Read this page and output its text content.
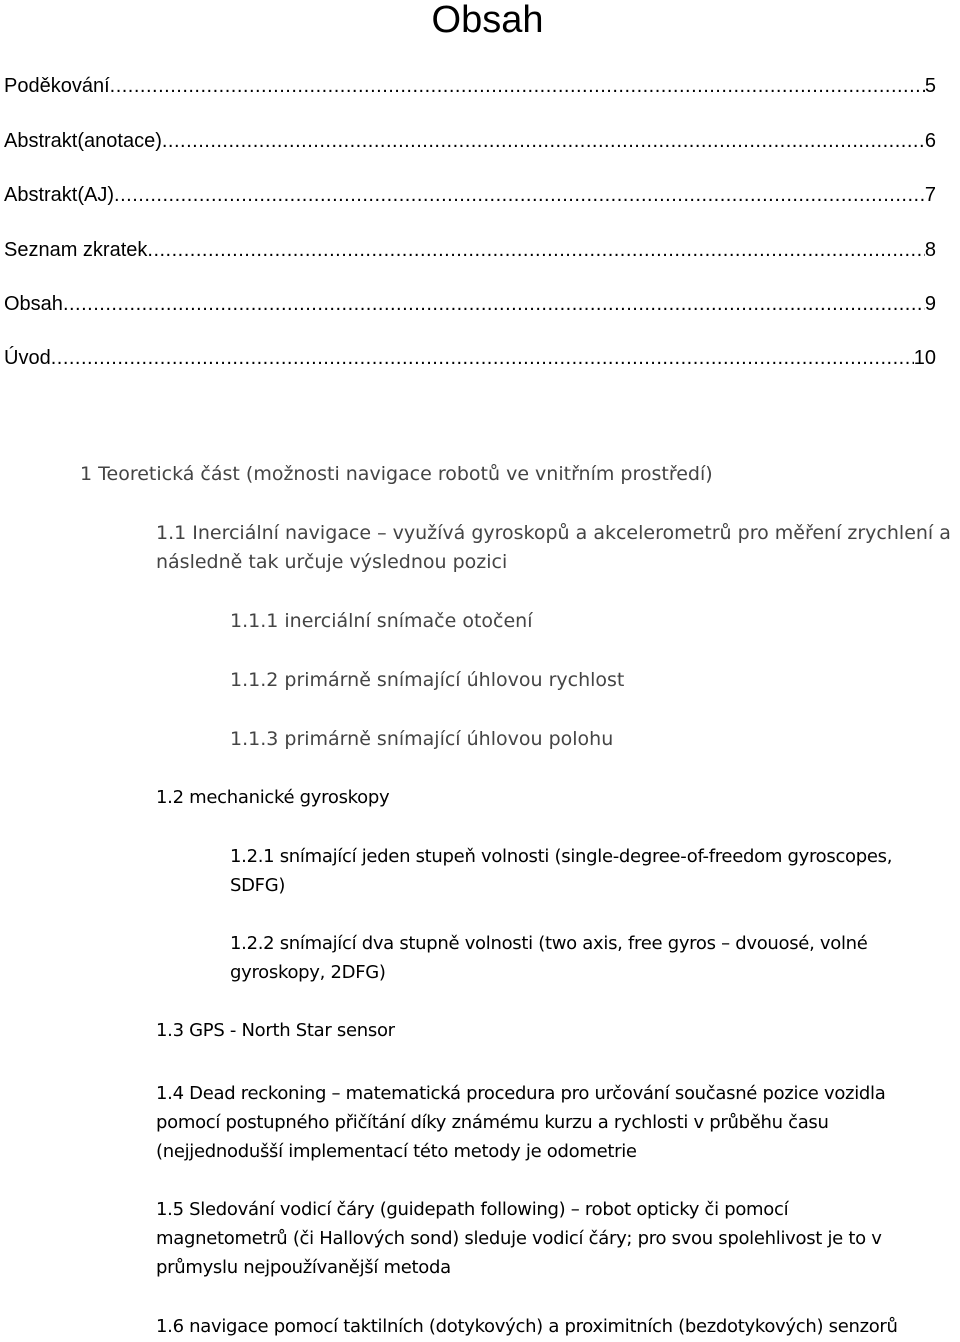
Obsah
Poděkování .....	5
Abstrakt(anotace) .....	6
Abstrakt(AJ) .....	7
Seznam zkratek .....	8
Obsah .....	9
Úvod .....	10
1 Teoretická část (možnosti navigace robotů ve vnitřním prostředí)
1.1 Inerciální navigace – využívá gyroskopů a akcelerometrů pro měření zrychlení a
následně tak určuje výslednou pozici
1.1.1 inerciální snímače otočení
1.1.2 primárně snímající úhlovou rychlost
1.1.3 primárně snímající úhlovou polohu
1.2 mechanické gyroskopy
1.2.1 snímající jeden stupeň volnosti (single-degree-of-freedom gyroscopes,
SDFG)
1.2.2 snímající dva stupně volnosti (two axis, free gyros – dvouosé, volné
gyroskopy, 2DFG)
1.3 GPS - North Star sensor
1.4 Dead reckoning – matematická procedura pro určování současné pozice vozidla
pomocí postupného přičítání díky známému kurzu a rychlosti v průběhu času
(nejjednodušší implementací této metody je odometrie
1.5 Sledování vodicí čáry (guidepath following) – robot opticky či pomocí
magnetometrů (či Hallových sond) sleduje vodicí čáry; pro svou spolehlivost je to v
průmyslu nejpoužívanější metoda
1.6 navigace pomocí taktilních (dotykových) a proximitních (bezdotykových) senzorů
